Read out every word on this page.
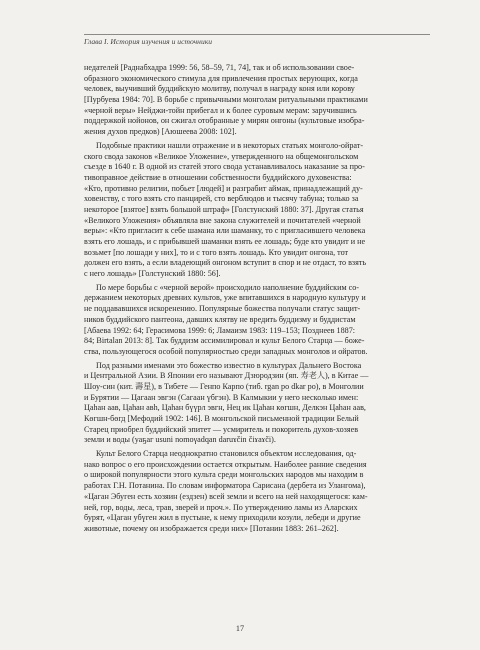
Глава I. История изучения и источники
недателей [Раднабхадра 1999: 56, 58–59, 71, 74], так и об использовании свое-
образного экономического стимула для привлечения простых верующих, когда
человек, выучивший буддийскую молитву, получал в награду коня или корову
[Пурбуева 1984: 70]. В борьбе с привычными монголам ритуальными практиками
«черной веры» Нейджи-тойн прибегал и к более суровым мерам: заручившись
поддержкой нойонов, он сжигал отобранные у мирян онгоны (культовые изобра-
жения духов предков) [Аюшеева 2008: 102].
Подобные практики нашли отражение и в некоторых статьях монголо-ойрат-
ского свода законов «Великое Уложение», утвержденного на общемонгольском
съезде в 1640 г. В одной из статей этого свода устанавливалось наказание за про-
тивоправное действие в отношении собственности буддийского духовенства:
«Кто, противно религии, побьет [людей] и разграбит аймак, принадлежащий ду-
ховенству, с того взять сто панцирей, сто верблюдов и тысячу табуна; только за
некоторое [взятое] взять большой штраф» [Голстунский 1880: 37]. Другая статья
«Великого Уложения» объявляла вне закона служителей и почитателей «черной
веры»: «Кто пригласит к себе шамана или шаманку, то с пригласившего человека
взять его лошадь, и с прибывшей шаманки взять ее лошадь; буде кто увидит и не
возьмет [по лошади у них], то и с того взять лошадь. Кто увидит онгона, тот
должен его взять, а если владеющий онгоном вступит в спор и не отдаст, то взять
с него лошадь» [Голстунский 1880: 56].
По мере борьбы с «черной верой» происходило наполнение буддийским со-
держанием некоторых древних культов, уже впитавшихся в народную культуру и
не поддававшихся искоренению. Популярные божества получали статус защит-
ников буддийского пантеона, давших клятву не вредить буддизму и буддистам
[Абаева 1992: 64; Герасимова 1999: 6; Ламаизм 1983: 119–153; Позднеев 1887:
84; Birtalan 2013: 8]. Так буддизм ассимилировал и культ Белого Старца — боже-
ства, пользующегося особой популярностью среди западных монголов и ойратов.
Под разными именами это божество известно в культурах Дальнего Востока
и Центральной Азии. В Японии его называют Дзюродзин (яп. 寿老人), в Китае —
Шоу-син (кит. 壽星), в Тибете — Генпо Карпо (тиб. rgan po dkar po), в Монголии
и Бурятии — Цагаан эвгэн (Сагаан үбгэн). В Калмыкии у него несколько имен:
Цаhан аав, Цаhан авh, Цаhан бүүрл эвгн, Нец ик Цаhан көгшн, Делкэн Цаhан аав,
Көгшн-бөгд [Мефодий 1902: 146]. В монгольской письменной традиции Белый
Старец приобрел буддийский эпитет — усмиритель и покоритель духов-хозяев
земли и воды (уаҕаг usunі nomoγadqan daruɤčin čiɤaɤči).
Культ Белого Старца неоднократно становился объектом исследования, од-
нако вопрос о его происхождении остается открытым. Наиболее ранние сведения
о широкой популярности этого культа среди монгольских народов мы находим в
работах Г.Н. Потанина. По словам информатора Сарисана (дербета из Улангома),
«Цаган Эбуген есть хозяин (ездзен) всей земли и всего на ней находящегося: кам-
ней, гор, воды, леса, трав, зверей и проч.». По утверждению ламы из Аларских
бурят, «Цаган убүген жил в пустыне, к нему приходили козули, лебеди и другие
животные, почему он изображается среди них» [Потанин 1883: 261–262].
17
